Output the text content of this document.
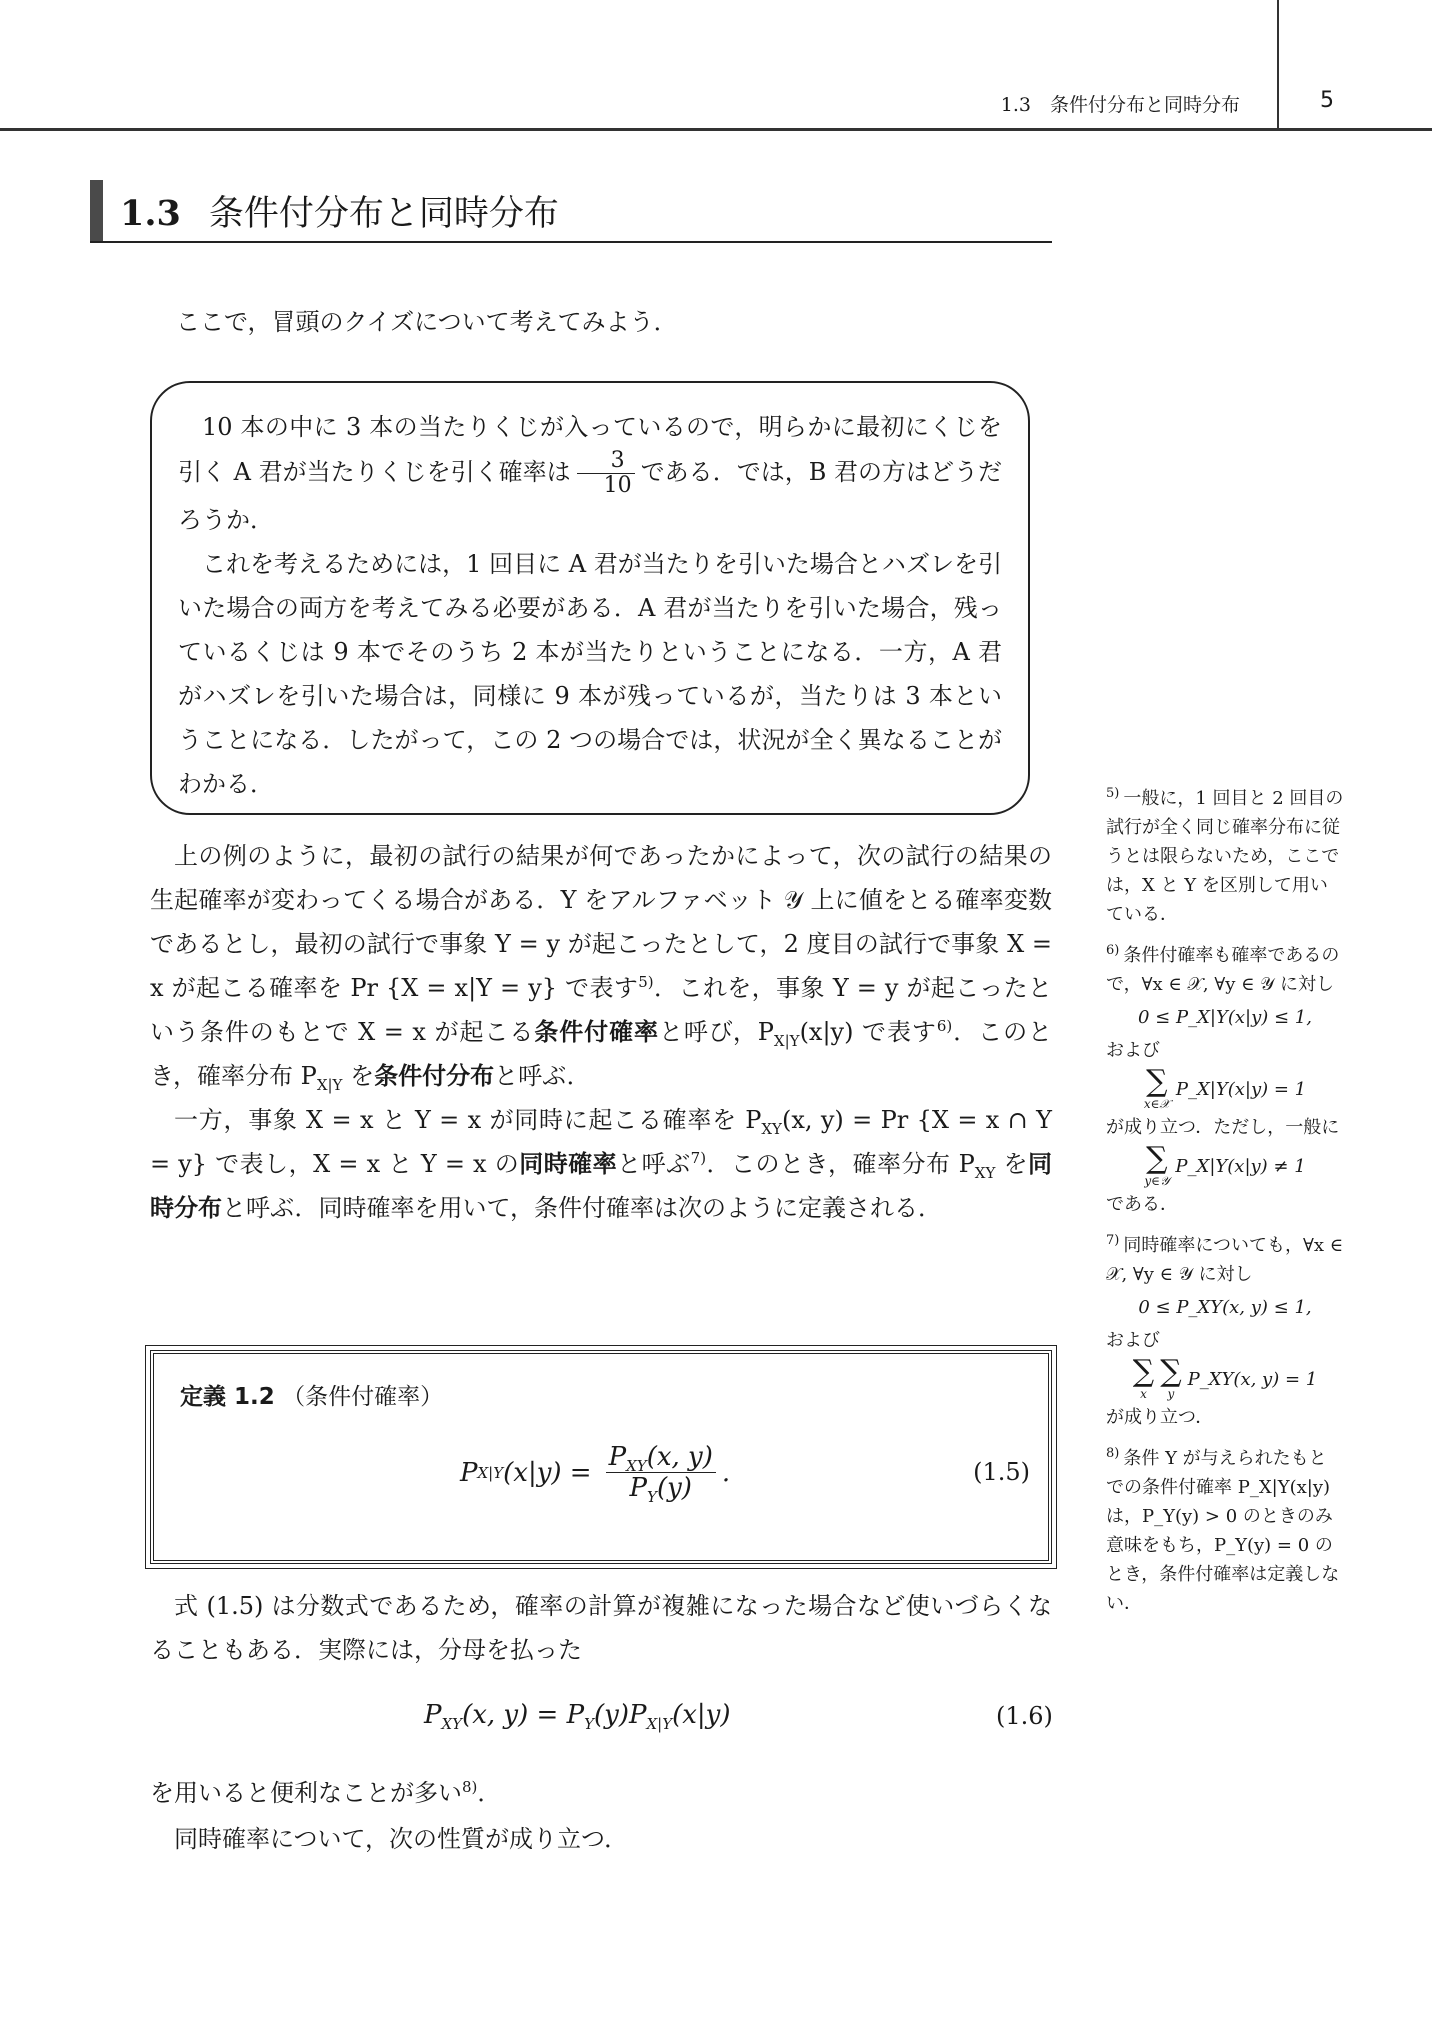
1.3　条件付分布と同時分布	5
1.3 条件付分布と同時分布
ここで，冒頭のクイズについて考えてみよう．

10 本の中に 3 本の当たりくじが入っているので，明らかに最初にくじを引く A 君が当たりくじを引く確率は $\frac{3}{10}$ である．では，B 君の方はどうだろうか．

これを考えるためには，1 回目に A 君が当たりを引いた場合とハズレを引いた場合の両方を考えてみる必要がある．A 君が当たりを引いた場合，残っているくじは 9 本でそのうち 2 本が当たりということになる．一方，A 君がハズレを引いた場合は，同様に 9 本が残っているが，当たりは 3 本ということになる．したがって，この 2 つの場合では，状況が全く異なることがわかる．

上の例のように，最初の試行の結果が何であったかによって，次の試行の結果の生起確率が変わってくる場合がある．Y をアルファベット 𝒴 上に値をとる確率変数であるとし，最初の試行で事象 Y = y が起こったとして，2 度目の試行で事象 X = x が起こる確率を Pr {X = x|Y = y} で表す$^{5)}$．これを，事象 Y = y が起こったという条件のもとで X = x が起こる条件付確率と呼び，$P_{X|Y}(x|y)$ で表す$^{6)}$．このとき，確率分布 $P_{X|Y}$ を条件付分布と呼ぶ．

一方，事象 X = x と Y = x が同時に起こる確率を $P_{XY}(x$, y) = Pr {X = x ∩ Y = y} で表し，X = x と Y = x の同時確率と呼ぶ$^{7)}$．このとき，確率分布 $P_{XY}$ を同時分布と呼ぶ．同時確率を用いて，条件付確率は次のように定義される．

定義 1.2 （条件付確率）
P X|Y $(x|y) = \frac{P_{XY}(x, y)}{P_Y(y)}$ .	(1.5)

式 (1.5) は分数式であるため，確率の計算が複雑になった場合など使いづらくなることもある．実際には，分母を払った

$P_{XY}(x$, $y) = P_Y(y)P_{X|Y}(x|y)$	(1.6)

を用いると便利なことが多い$^{8)}$．

同時確率について，次の性質が成り立つ．

$^{5)}$ 一般に，1 回目と 2 回目の試行が全く同じ確率分布に従うとは限らないため，ここでは，X と Y を区別して用いている．
$^{6)}$ 条件付確率も確率であるので，∀x ∈ 𝒳, ∀y ∈ 𝒴 に対し
0 ≤ P_X|Y(x|y) ≤ 1,
および
∑
x∈𝒳
P_X|Y(x|y) = 1
が成り立つ．ただし，一般に
∑
y∈𝒴
P_X|Y(x|y) ≠ 1
である．
$^{7)}$ 同時確率についても，∀x ∈ 𝒳, ∀y ∈ 𝒴 に対し
0 ≤ P_XY(x, y) ≤ 1,
および
∑
x
∑
y
P_XY(x, y) = 1
が成り立つ．
$^{8)}$ 条件 Y が与えられたもとでの条件付確率 P_X|Y(x|y) は，P_Y(y) > 0 のときのみ意味をもち，P_Y(y) = 0 のとき，条件付確率は定義しない．
